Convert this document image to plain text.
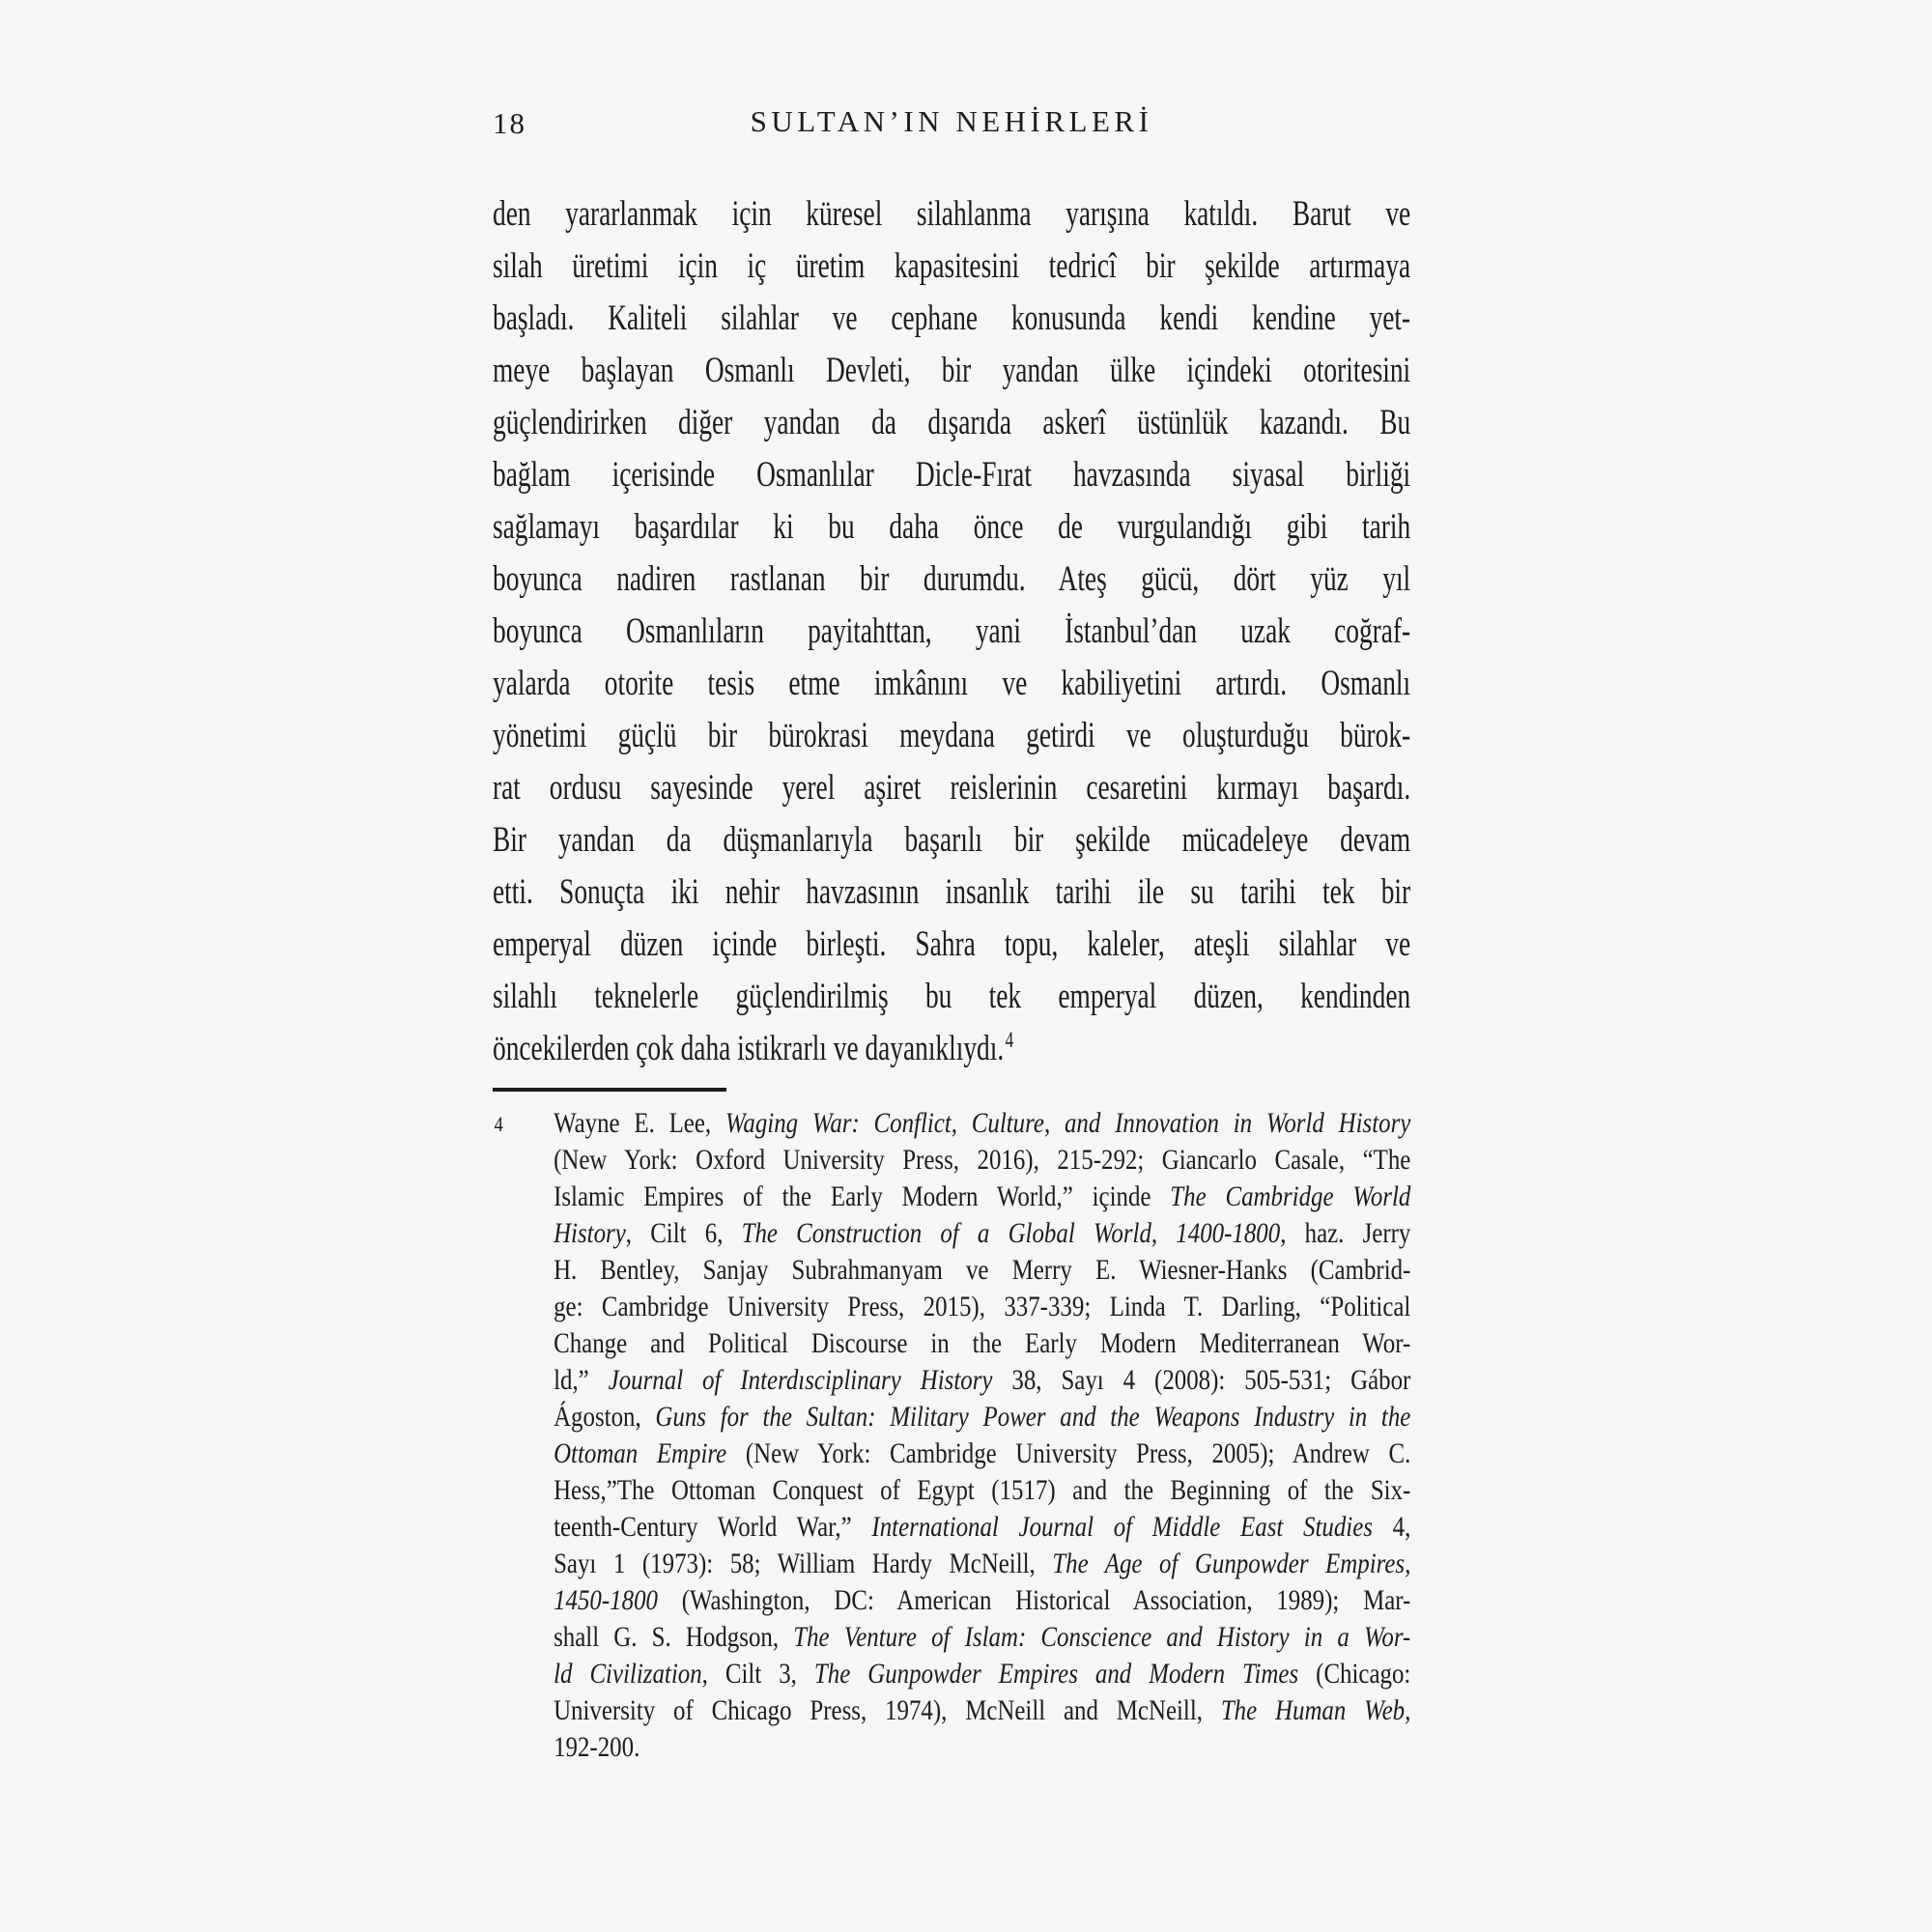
18	SULTAN’IN NEHİRLERİ
den yararlanmak için küresel silahlanma yarışına katıldı. Barut ve
silah üretimi için iç üretim kapasitesini tedricî bir şekilde artırmaya
başladı. Kaliteli silahlar ve cephane konusunda kendi kendine yet-
meye başlayan Osmanlı Devleti, bir yandan ülke içindeki otoritesini
güçlendirirken diğer yandan da dışarıda askerî üstünlük kazandı. Bu
bağlam içerisinde Osmanlılar Dicle-Fırat havzasında siyasal birliği
sağlamayı başardılar ki bu daha önce de vurgulandığı gibi tarih
boyunca nadiren rastlanan bir durumdu. Ateş gücü, dört yüz yıl
boyunca Osmanlıların payitahttan, yani İstanbul’dan uzak coğraf-
yalarda otorite tesis etme imkânını ve kabiliyetini artırdı. Osmanlı
yönetimi güçlü bir bürokrasi meydana getirdi ve oluşturduğu bürok-
rat ordusu sayesinde yerel aşiret reislerinin cesaretini kırmayı başardı.
Bir yandan da düşmanlarıyla başarılı bir şekilde mücadeleye devam
etti. Sonuçta iki nehir havzasının insanlık tarihi ile su tarihi tek bir
emperyal düzen içinde birleşti. Sahra topu, kaleler, ateşli silahlar ve
silahlı teknelerle güçlendirilmiş bu tek emperyal düzen, kendinden
öncekilerden çok daha istikrarlı ve dayanıklıydı.$^4$
4 Wayne E. Lee, Waging War: Conflict, Culture, and Innovation in World History
(New York: Oxford University Press, 2016), 215-292; Giancarlo Casale, “The
Islamic Empires of the Early Modern World,” içinde The Cambridge World
History, Cilt 6, The Construction of a Global World, 1400-1800, haz. Jerry
H. Bentley, Sanjay Subrahmanyam ve Merry E. Wiesner-Hanks (Cambrid-
ge: Cambridge University Press, 2015), 337-339; Linda T. Darling, “Political
Change and Political Discourse in the Early Modern Mediterranean Wor-
ld,” Journal of Interdısciplinary History 38, Sayı 4 (2008): 505-531; Gábor
Ágoston, Guns for the Sultan: Military Power and the Weapons Industry in the
Ottoman Empire (New York: Cambridge University Press, 2005); Andrew C.
Hess,”The Ottoman Conquest of Egypt (1517) and the Beginning of the Six-
teenth-Century World War,” International Journal of Middle East Studies 4,
Sayı 1 (1973): 58; William Hardy McNeill, The Age of Gunpowder Empires,
1450-1800 (Washington, DC: American Historical Association, 1989); Mar-
shall G. S. Hodgson, The Venture of Islam: Conscience and History in a Wor-
ld Civilization, Cilt 3, The Gunpowder Empires and Modern Times (Chicago:
University of Chicago Press, 1974), McNeill and McNeill, The Human Web,
192-200.
